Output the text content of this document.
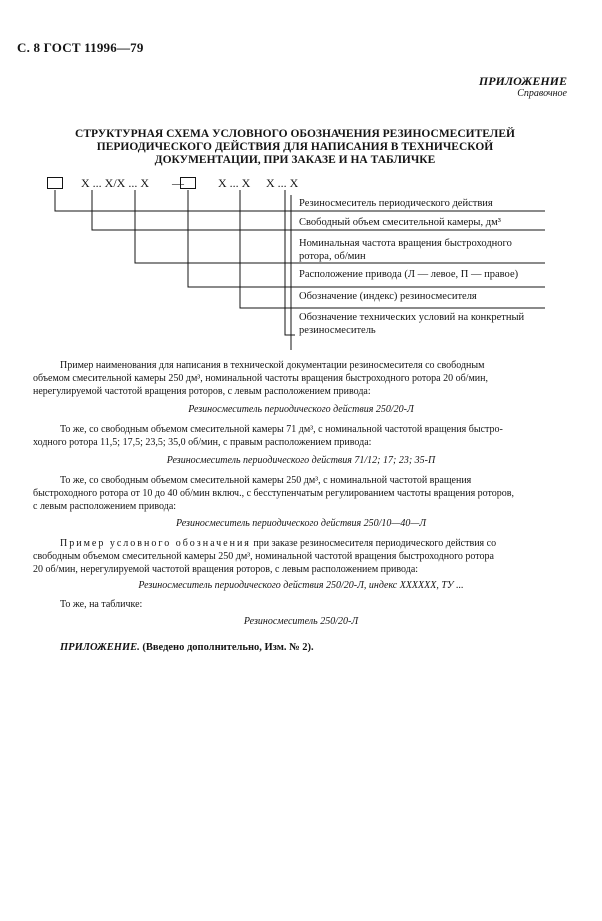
С. 8 ГОСТ 11996—79
ПРИЛОЖЕНИЕ
Справочное
СТРУКТУРНАЯ СХЕМА УСЛОВНОГО ОБОЗНАЧЕНИЯ РЕЗИНОСМЕСИТЕЛЕЙ
ПЕРИОДИЧЕСКОГО ДЕЙСТВИЯ ДЛЯ НАПИСАНИЯ В ТЕХНИЧЕСКОЙ
ДОКУМЕНТАЦИИ, ПРИ ЗАКАЗЕ И НА ТАБЛИЧКЕ
Х ... Х/Х ... Х —	Х ... Х Х ... Х
Резиносмеситель периодического действия
Свободный объем смесительной камеры, дм³
Номинальная частота вращения быстроходного
ротора, об/мин
Расположение привода (Л — левое, П — правое)
Обозначение (индекс) резиносмесителя
Обозначение технических условий на конкретный
резиносмеситель
Пример наименования для написания в технической документации резиносмесителя со свободным
объемом смесительной камеры 250 дм³, номинальной частоты вращения быстроходного ротора 20 об/мин,
нерегулируемой частотой вращения роторов, с левым расположением привода:
Резиносмеситель периодического действия 250/20-Л
То же, со свободным объемом смесительной камеры 71 дм³, с номинальной частотой вращения быстро-
ходного ротора 11,5; 17,5; 23,5; 35,0 об/мин, с правым расположением привода:
Резиносмеситель периодического действия 71/12; 17; 23; 35-П
То же, со свободным объемом смесительной камеры 250 дм³, с номинальной частотой вращения
быстроходного ротора от 10 до 40 об/мин включ., с бесступенчатым регулированием частоты вращения роторов,
с левым расположением привода:
Резиносмеситель периодического действия 250/10—40—Л
Пример условного обозначения при заказе резиносмесителя периодического действия со
свободным объемом смесительной камеры 250 дм³, номинальной частотой вращения быстроходного ротора
20 об/мин, нерегулируемой частотой вращения роторов, с левым расположением привода:
Резиносмеситель периодического действия 250/20-Л, индекс ХХХХХХ, ТУ ...
То же, на табличке:
Резиносмеситель 250/20-Л
ПРИЛОЖЕНИЕ. (Введено дополнительно, Изм. № 2).
